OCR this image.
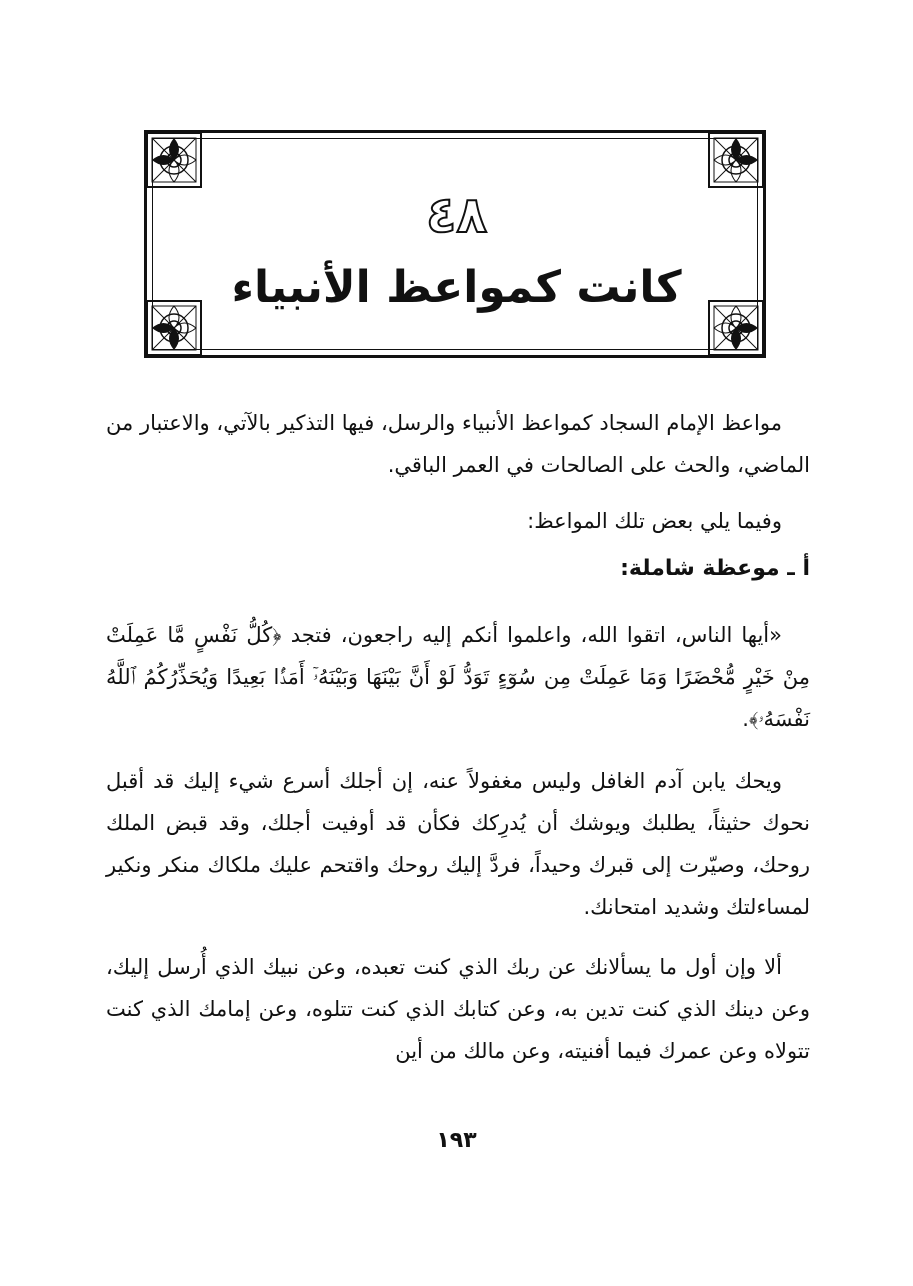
٤٨
كانت كمواعظ الأنبياء
مواعظ الإمام السجاد كمواعظ الأنبياء والرسل، فيها التذكير بالآتي، والاعتبار من الماضي، والحث على الصالحات في العمر الباقي.
وفيما يلي بعض تلك المواعظ:
أ ـ موعظة شاملة:
«أيها الناس، اتقوا الله، واعلموا أنكم إليه راجعون، فتجد ﴿كُلُّ نَفْسٍ مَّا عَمِلَتْ مِنْ خَيْرٍ مُّحْضَرًا وَمَا عَمِلَتْ مِن سُوٓءٍ تَوَدُّ لَوْ أَنَّ بَيْنَهَا وَبَيْنَهُۥٓ أَمَدًۢا بَعِيدًا وَيُحَذِّرُكُمُ ٱللَّهُ نَفْسَهُۥ﴾.
ويحك يابن آدم الغافل وليس مغفولاً عنه، إن أجلك أسرع شيء إليك قد أقبل نحوك حثيثاً، يطلبك ويوشك أن يُدرِكك فكأن قد أوفيت أجلك، وقد قبض الملك روحك، وصيّرت إلى قبرك وحيداً، فردَّ إليك روحك واقتحم عليك ملكاك منكر ونكير لمساءلتك وشديد امتحانك.
ألا وإن أول ما يسألانك عن ربك الذي كنت تعبده، وعن نبيك الذي أُرسل إليك، وعن دينك الذي كنت تدين به، وعن كتابك الذي كنت تتلوه، وعن إمامك الذي كنت تتولاه وعن عمرك فيما أفنيته، وعن مالك من أين
١٩٣
